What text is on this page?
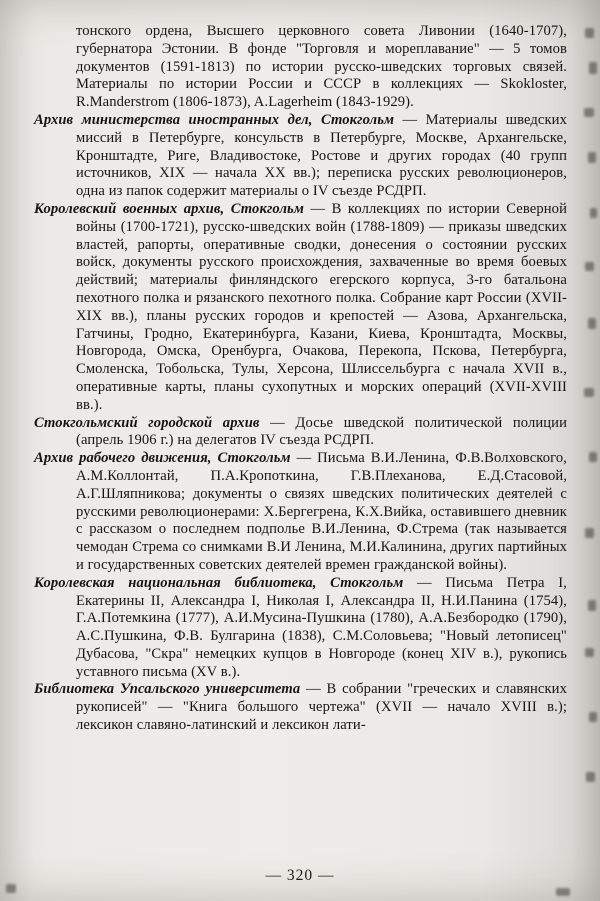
тонского ордена, Высшего церковного совета Ливонии (1640-1707), губернатора Эстонии. В фонде "Торговля и мореплавание" — 5 томов документов (1591-1813) по истории русско-шведских торговых связей. Материалы по истории России и СССР в коллекциях — Skokloster, R.Manderstrom (1806-1873), A.Lagerheim (1843-1929).

Архив министерства иностранных дел, Стокгольм — Материалы шведских миссий в Петербурге, консульств в Петербурге, Москве, Архангельске, Кронштадте, Риге, Владивостоке, Ростове и других городах (40 групп источников, XIX — начала XX вв.); переписка русских революционеров, одна из папок содержит материалы о IV съезде РСДРП.

Королевский военных архив, Стокгольм — В коллекциях по истории Северной войны (1700-1721), русско-шведских войн (1788-1809) — приказы шведских властей, рапорты, оперативные сводки, донесения о состоянии русских войск, документы русского происхождения, захваченные во время боевых действий; материалы финляндского егерского корпуса, 3-го батальона пехотного полка и рязанского пехотного полка. Собрание карт России (XVII-XIX вв.), планы русских городов и крепостей — Азова, Архангельска, Гатчины, Гродно, Екатеринбурга, Казани, Киева, Кронштадта, Москвы, Новгорода, Омска, Оренбурга, Очакова, Перекопа, Пскова, Петербурга, Смоленска, Тобольска, Тулы, Херсона, Шлиссельбурга с начала XVII в., оперативные карты, планы сухопутных и морских операций (XVII-XVIII вв.).

Стокгольмский городской архив — Досье шведской политической полиции (апрель 1906 г.) на делегатов IV съезда РСДРП.

Архив рабочего движения, Стокгольм — Письма В.И.Ленина, Ф.В.Волховского, А.М.Коллонтай, П.А.Кропоткина, Г.В.Плеханова, Е.Д.Стасовой, А.Г.Шляпникова; документы о связях шведских политических деятелей с русскими революционерами: Х.Бергегрена, К.Х.Вийка, оставившего дневник с рассказом о последнем подполье В.И.Ленина, Ф.Стрема (так называется чемодан Стрема со снимками В.И Ленина, М.И.Калинина, других партийных и государственных советских деятелей времен гражданской войны).

Королевская национальная библиотека, Стокгольм — Письма Петра I, Екатерины II, Александра I, Николая I, Александра II, Н.И.Панина (1754), Г.А.Потемкина (1777), А.И.Мусина-Пушкина (1780), А.А.Безбородко (1790), А.С.Пушкина, Ф.В. Булгарина (1838), С.М.Соловьева; "Новый летописец" Дубасова, "Скра" немецких купцов в Новгороде (конец XIV в.), рукопись уставного письма (XV в.).

Библиотека Упсальского университета — В собрании "греческих и славянских рукописей" — "Книга большого чертежа" (XVII — начало XVIII в.); лексикон славяно-латинский и лексикон лати-

— 320 —
